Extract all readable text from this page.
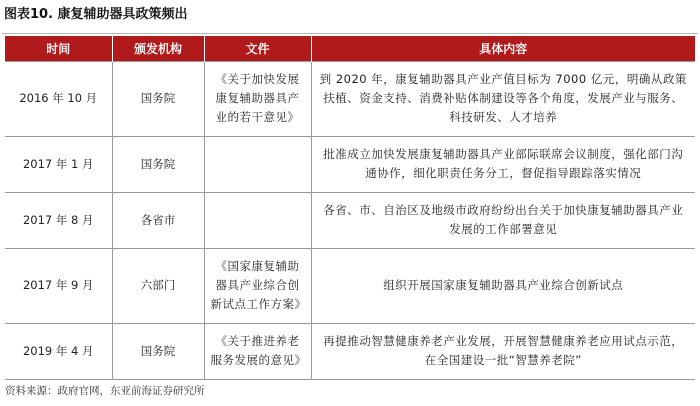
图表10. 康复辅助器具政策频出
时间	颁发机构	文件	具体内容
2016 年 10 月	国务院	《关于加快发展康复辅助器具产业的若干意见》	到 2020 年，康复辅助器具产业产值目标为 7000 亿元，明确从政策扶植、资金支持、消费补贴体制建设等各个角度，发展产业与服务、科技研发、人才培养
2017 年 1 月	国务院		批准成立加快发展康复辅助器具产业部际联席会议制度，强化部门沟通协作，细化职责任务分工，督促指导跟踪落实情况
2017 年 8 月	各省市		各省、市、自治区及地级市政府纷纷出台关于加快康复辅助器具产业发展的工作部署意见
2017 年 9 月	六部门	《国家康复辅助器具产业综合创新试点工作方案》	组织开展国家康复辅助器具产业综合创新试点
2019 年 4 月	国务院	《关于推进养老服务发展的意见》	再提推动智慧健康养老产业发展，开展智慧健康养老应用试点示范，在全国建设一批“智慧养老院”
资料来源：政府官网，东亚前海证券研究所
